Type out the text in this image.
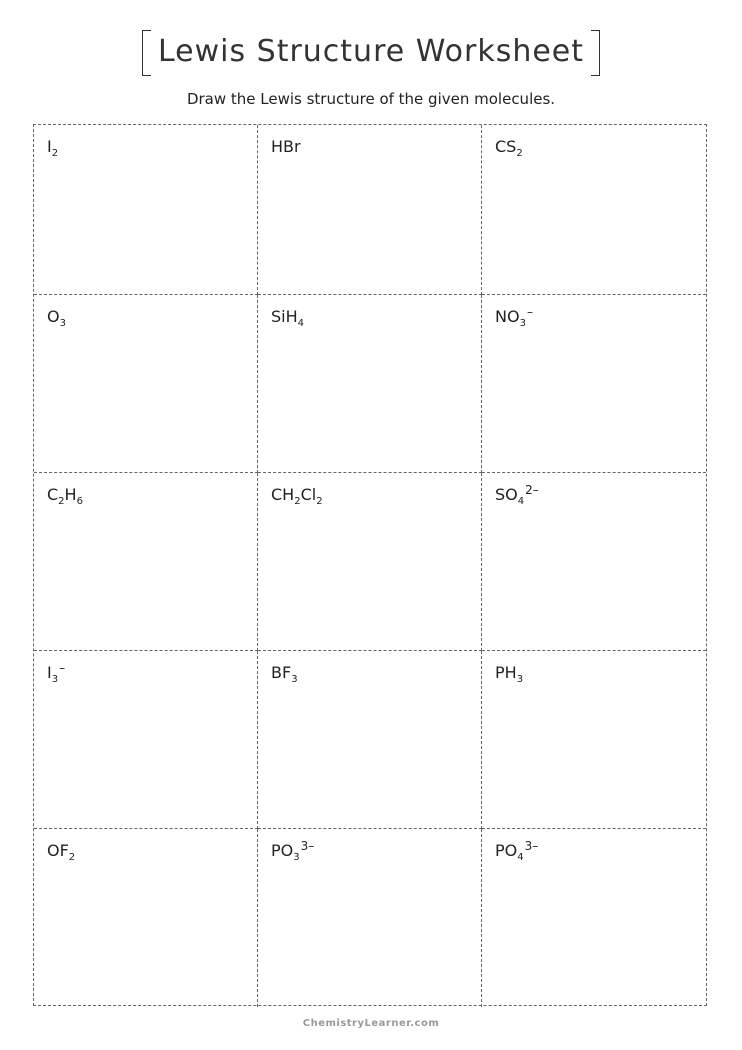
Lewis Structure Worksheet
Draw the Lewis structure of the given molecules.
$I_2$	HBr	$CS_2$
$O_3$	SiH$_4$	$NO_3^-$
$C_2H_6$	$CH_2Cl_2$	$SO_4^{2-}$
$I_3^-$	$BF_3$	$PH_3$
$OF_2$	$PO_3^{3-}$	$PO_4^{3-}$
ChemistryLearner.com
